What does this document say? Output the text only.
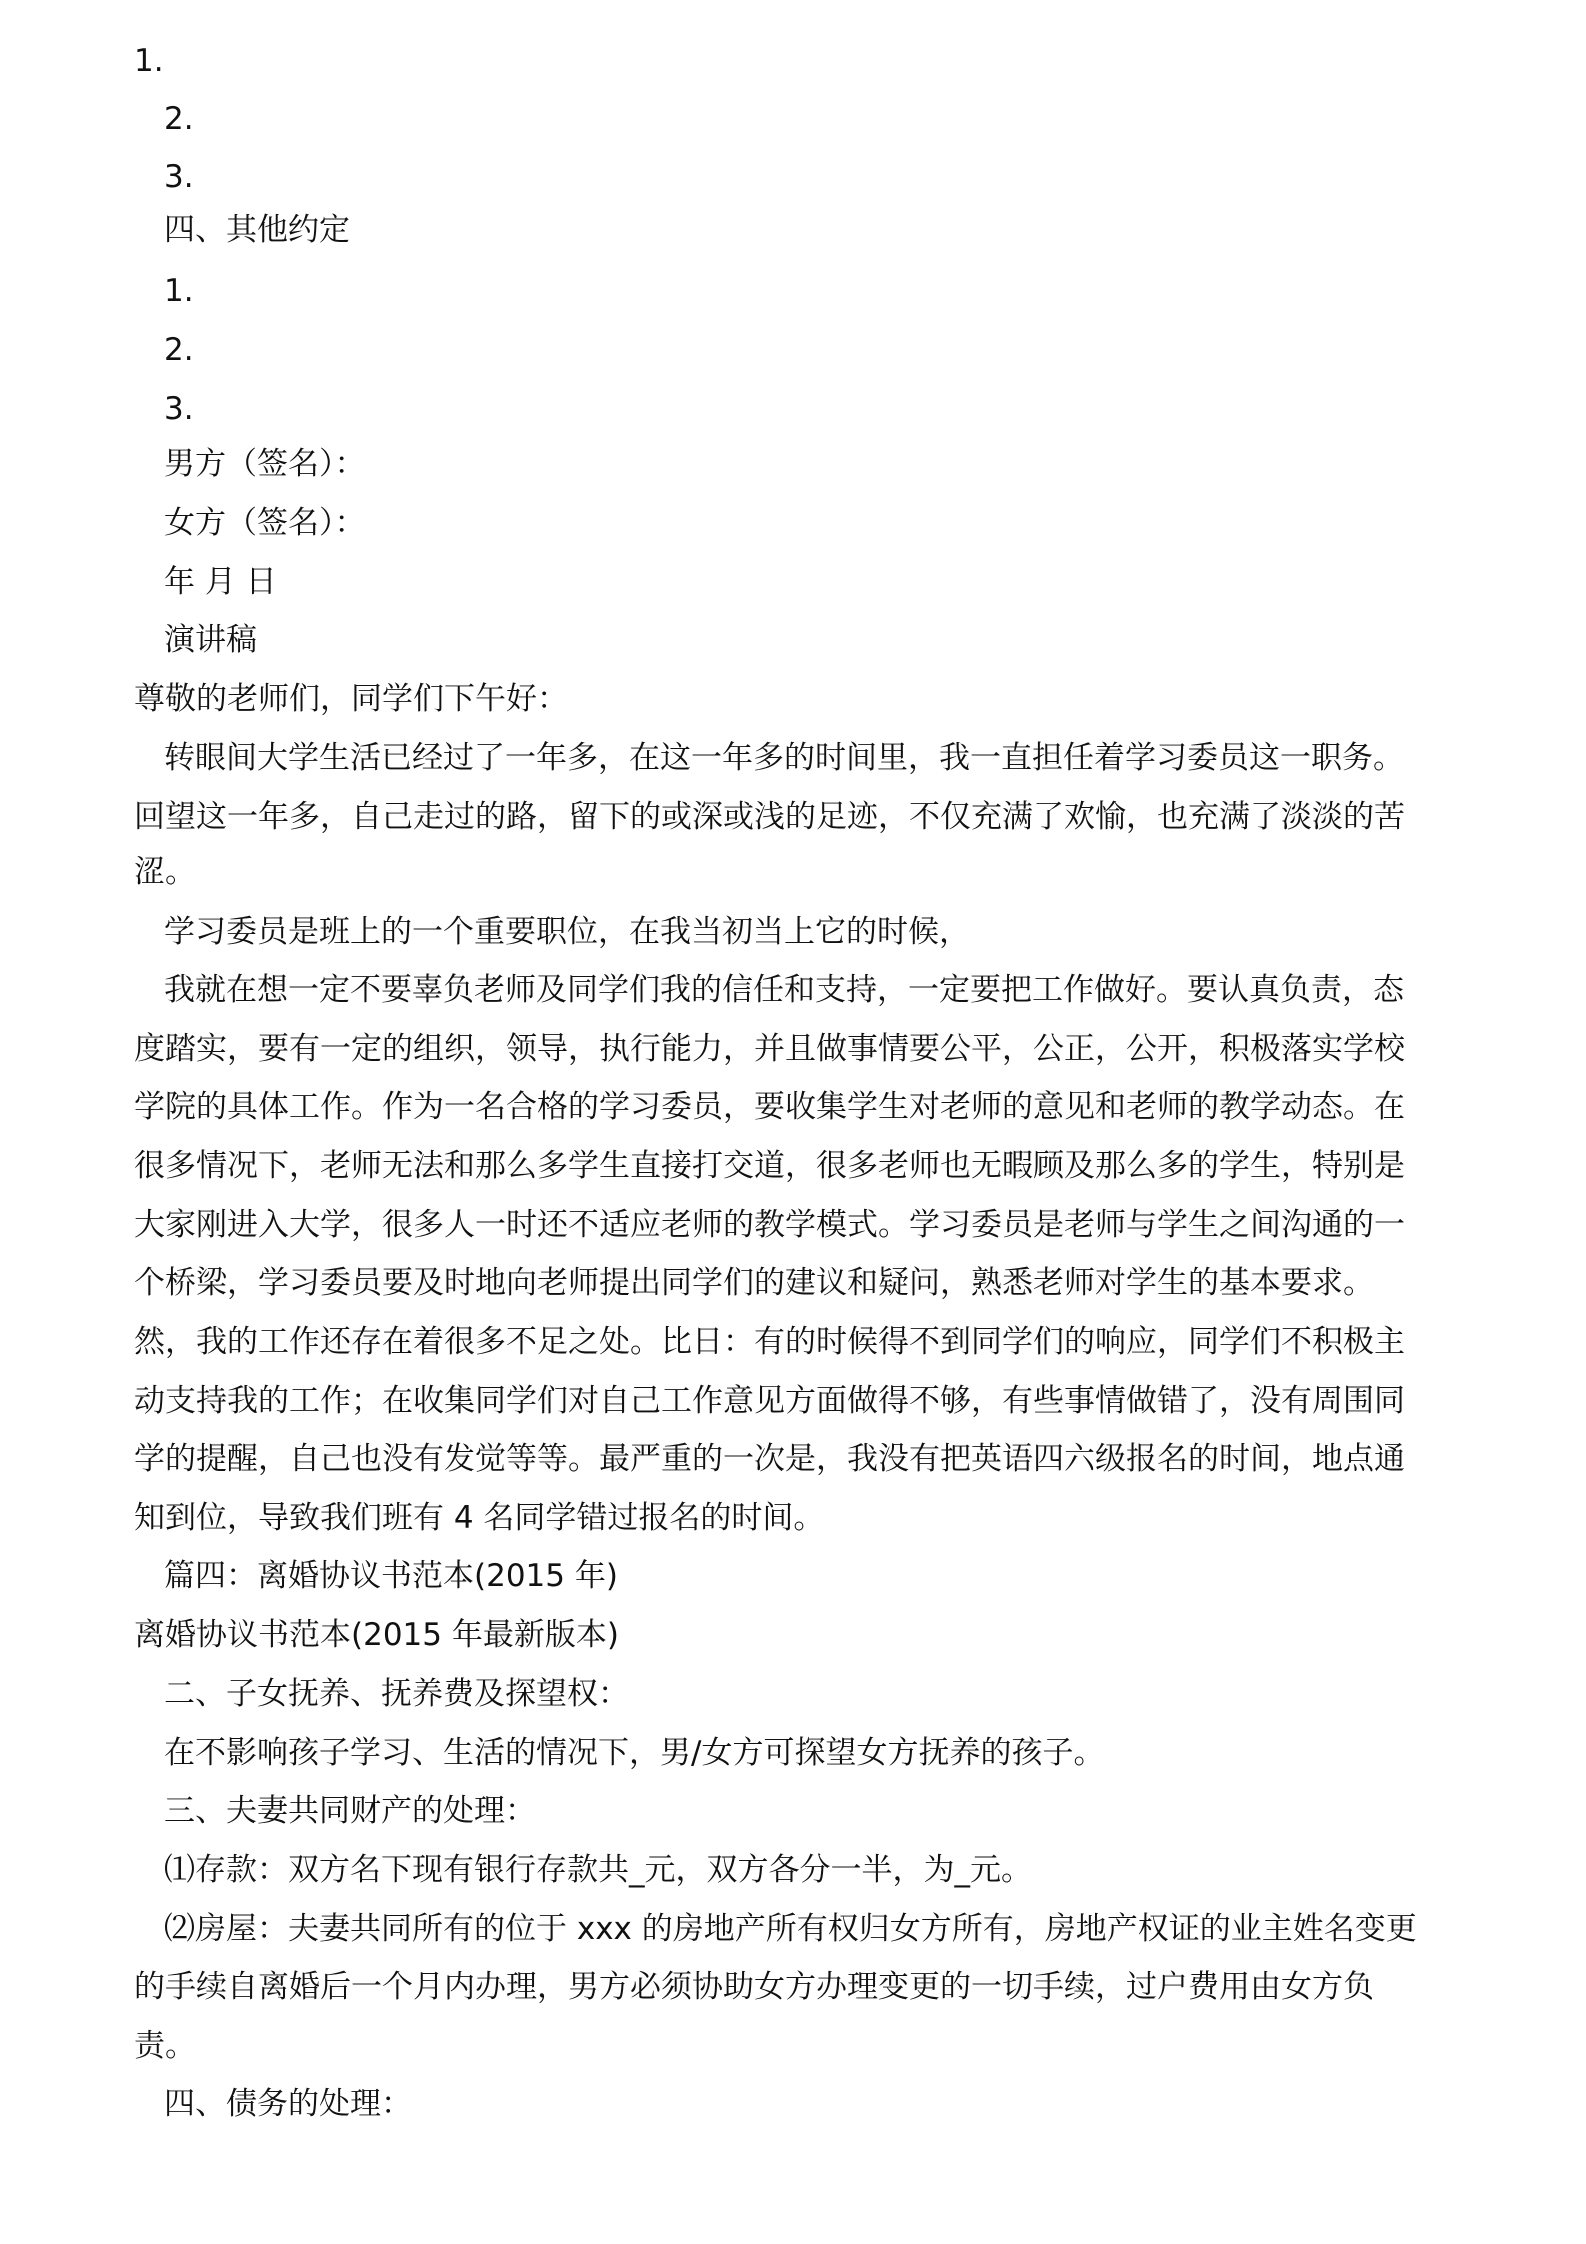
1.

2.

3.

四、其他约定

1.

2.

3.

男方（签名）：

女方（签名）：

年 月 日

演讲稿

尊敬的老师们，同学们下午好：

转眼间大学生活已经过了一年多，在这一年多的时间里，我一直担任着学习委员这一职务。

回望这一年多，自己走过的路，留下的或深或浅的足迹，不仅充满了欢愉，也充满了淡淡的苦

涩。

学习委员是班上的一个重要职位，在我当初当上它的时候，

我就在想一定不要辜负老师及同学们我的信任和支持，一定要把工作做好。要认真负责，态

度踏实，要有一定的组织，领导，执行能力，并且做事情要公平，公正，公开，积极落实学校

学院的具体工作。作为一名合格的学习委员，要收集学生对老师的意见和老师的教学动态。在

很多情况下，老师无法和那么多学生直接打交道，很多老师也无暇顾及那么多的学生，特别是

大家刚进入大学，很多人一时还不适应老师的教学模式。学习委员是老师与学生之间沟通的一

个桥梁，学习委员要及时地向老师提出同学们的建议和疑问，熟悉老师对学生的基本要求。

然，我的工作还存在着很多不足之处。比日：有的时候得不到同学们的响应，同学们不积极主

动支持我的工作；在收集同学们对自己工作意见方面做得不够，有些事情做错了，没有周围同

学的提醒，自己也没有发觉等等。最严重的一次是，我没有把英语四六级报名的时间，地点通

知到位，导致我们班有 4 名同学错过报名的时间。

篇四：离婚协议书范本(2015 年)

离婚协议书范本(2015 年最新版本)

二、子女抚养、抚养费及探望权：

在不影响孩子学习、生活的情况下，男/女方可探望女方抚养的孩子。

三、夫妻共同财产的处理：

⑴存款：双方名下现有银行存款共_元，双方各分一半，为_元。

⑵房屋：夫妻共同所有的位于 xxx 的房地产所有权归女方所有，房地产权证的业主姓名变更

的手续自离婚后一个月内办理，男方必须协助女方办理变更的一切手续，过户费用由女方负

责。

四、债务的处理：
